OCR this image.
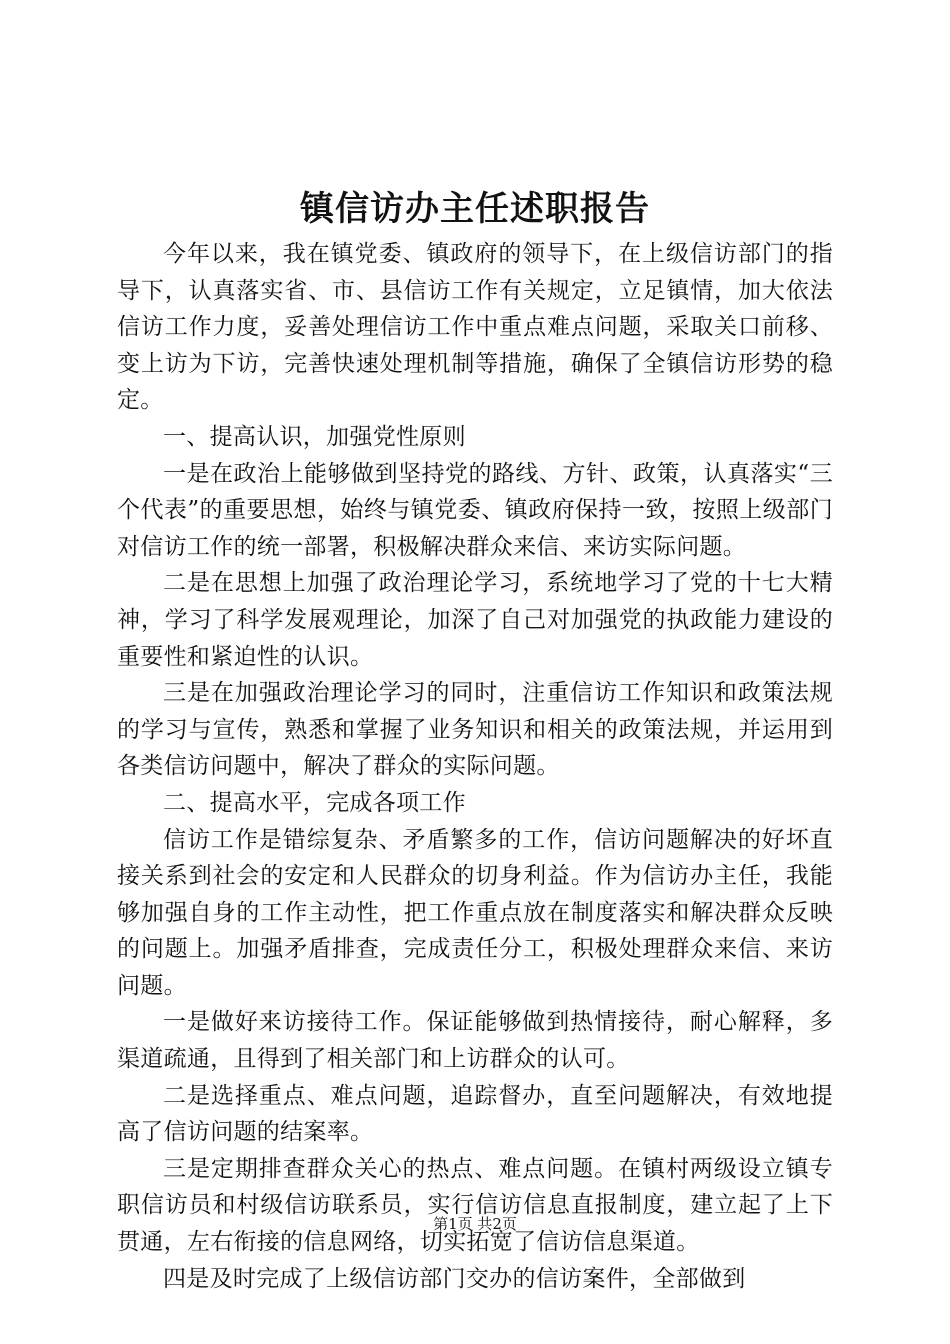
镇信访办主任述职报告

今年以来，我在镇党委、镇政府的领导下，在上级信访部门的指导下，认真落实省、市、县信访工作有关规定，立足镇情，加大依法信访工作力度，妥善处理信访工作中重点难点问题，采取关口前移、变上访为下访，完善快速处理机制等措施，确保了全镇信访形势的稳定。

一、提高认识，加强党性原则

一是在政治上能够做到坚持党的路线、方针、政策，认真落实“三个代表”的重要思想，始终与镇党委、镇政府保持一致，按照上级部门对信访工作的统一部署，积极解决群众来信、来访实际问题。

二是在思想上加强了政治理论学习，系统地学习了党的十七大精神，学习了科学发展观理论，加深了自己对加强党的执政能力建设的重要性和紧迫性的认识。

三是在加强政治理论学习的同时，注重信访工作知识和政策法规的学习与宣传，熟悉和掌握了业务知识和相关的政策法规，并运用到各类信访问题中，解决了群众的实际问题。

二、提高水平，完成各项工作

信访工作是错综复杂、矛盾繁多的工作，信访问题解决的好坏直接关系到社会的安定和人民群众的切身利益。作为信访办主任，我能够加强自身的工作主动性，把工作重点放在制度落实和解决群众反映的问题上。加强矛盾排查，完成责任分工，积极处理群众来信、来访问题。

一是做好来访接待工作。保证能够做到热情接待，耐心解释，多渠道疏通，且得到了相关部门和上访群众的认可。

二是选择重点、难点问题，追踪督办，直至问题解决，有效地提高了信访问题的结案率。

三是定期排查群众关心的热点、难点问题。在镇村两级设立镇专职信访员和村级信访联系员，实行信访信息直报制度，建立起了上下贯通，左右衔接的信息网络，切实拓宽了信访信息渠道。

四是及时完成了上级信访部门交办的信访案件，全部做到

第1页 共2页
